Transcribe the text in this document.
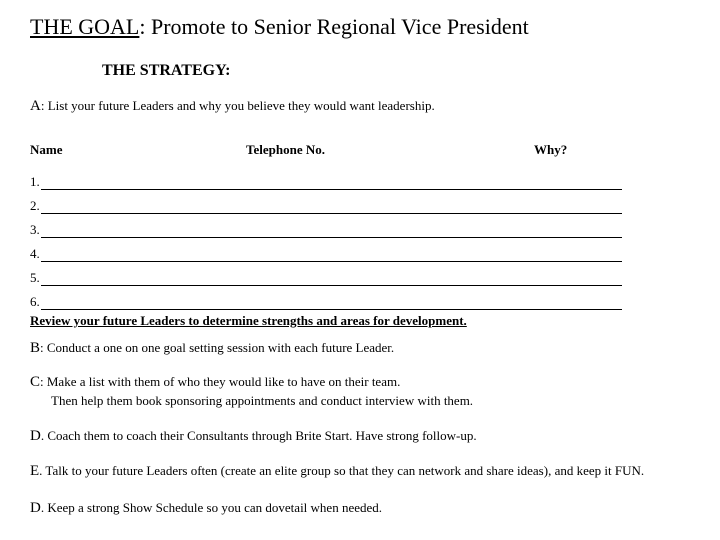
THE GOAL: Promote to Senior Regional Vice President
THE STRATEGY:
A: List your future Leaders and why you believe they would want leadership.
Name	Telephone No.	Why?
1.
2.
3.
4.
5.
6.
Review your future Leaders to determine strengths and areas for development.
B: Conduct a one on one goal setting session with each future Leader.
C: Make a list with them of who they would like to have on their team.
Then help them book sponsoring appointments and conduct interview with them.
D. Coach them to coach their Consultants through Brite Start. Have strong follow-up.
E. Talk to your future Leaders often (create an elite group so that they can network and share ideas), and keep it FUN.
D. Keep a strong Show Schedule so you can dovetail when needed.
